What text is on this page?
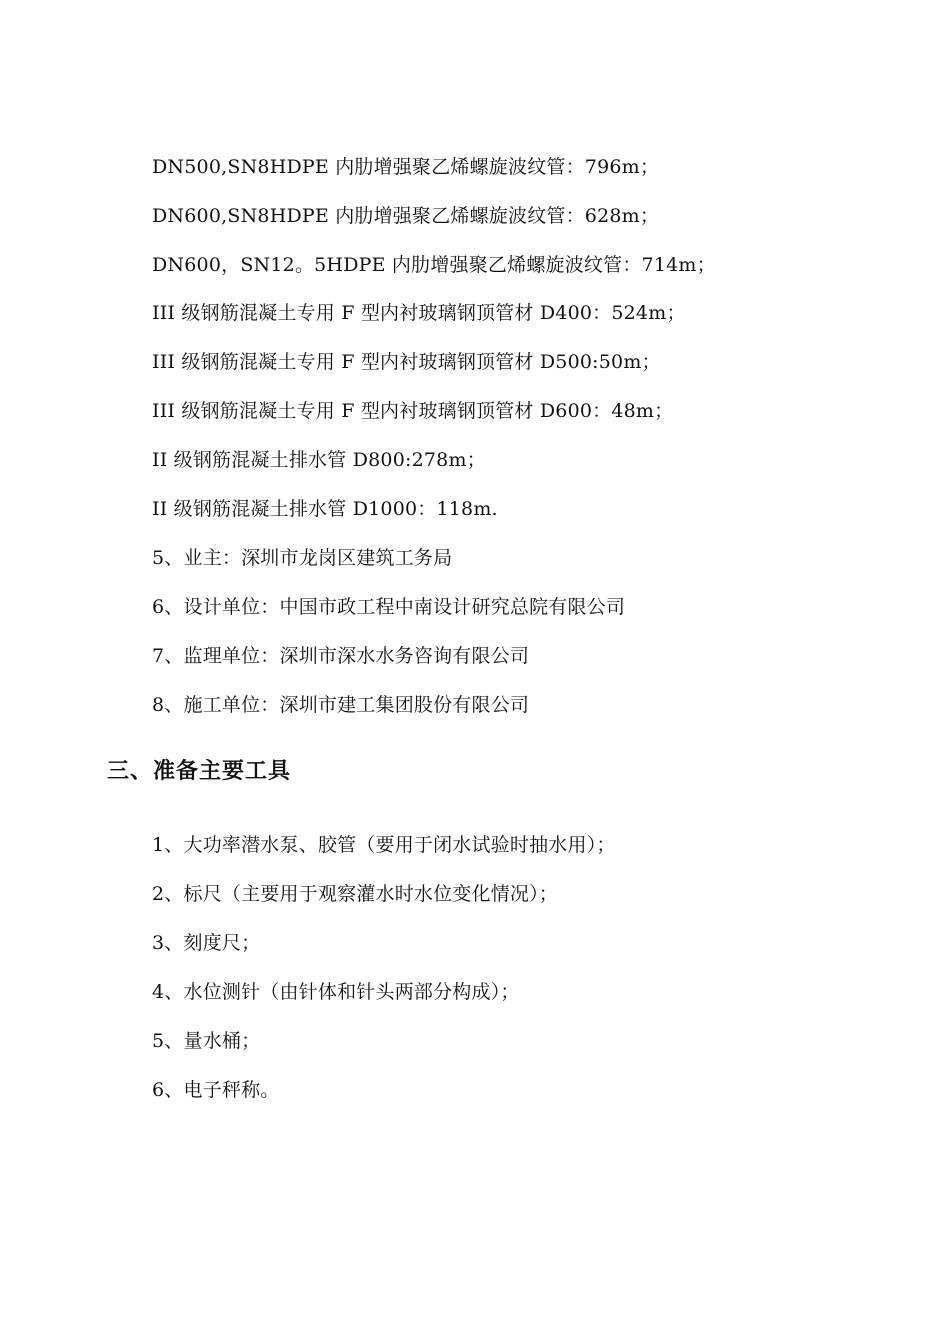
DN500,SN8HDPE 内肋增强聚乙烯螺旋波纹管：796m；
DN600,SN8HDPE 内肋增强聚乙烯螺旋波纹管：628m；
DN600，SN12。5HDPE 内肋增强聚乙烯螺旋波纹管：714m；
III 级钢筋混凝土专用 F 型内衬玻璃钢顶管材 D400：524m；
III 级钢筋混凝土专用 F 型内衬玻璃钢顶管材 D500:50m；
III 级钢筋混凝土专用 F 型内衬玻璃钢顶管材 D600：48m；
II 级钢筋混凝土排水管 D800:278m；
II 级钢筋混凝土排水管 D1000：118m.
5、业主：深圳市龙岗区建筑工务局
6、设计单位：中国市政工程中南设计研究总院有限公司
7、监理单位：深圳市深水水务咨询有限公司
8、施工单位：深圳市建工集团股份有限公司
三、准备主要工具
1、大功率潜水泵、胶管（要用于闭水试验时抽水用）；
2、标尺（主要用于观察灌水时水位变化情况）；
3、刻度尺；
4、水位测针（由针体和针头两部分构成）；
5、量水桶；
6、电子秤称。
